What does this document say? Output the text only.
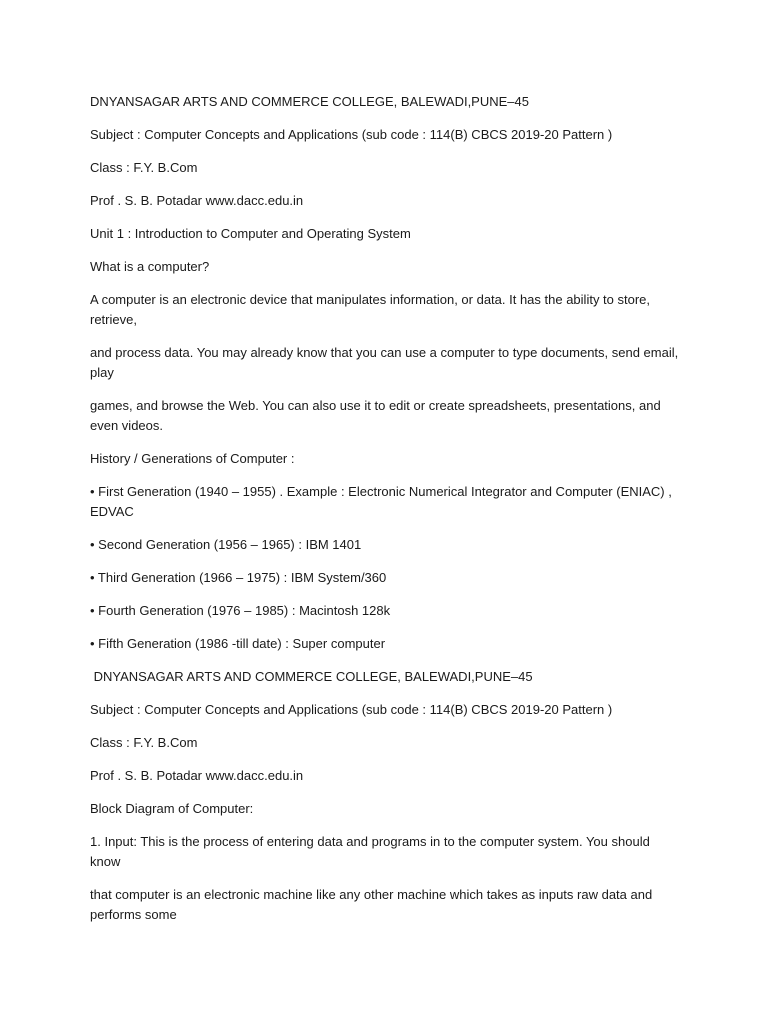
DNYANSAGAR ARTS AND COMMERCE COLLEGE, BALEWADI,PUNE–45

Subject : Computer Concepts and Applications (sub code : 114(B) CBCS 2019-20 Pattern )

Class : F.Y. B.Com

Prof . S. B. Potadar www.dacc.edu.in

Unit 1 : Introduction to Computer and Operating System

What is a computer?

A computer is an electronic device that manipulates information, or data. It has the ability to store, retrieve,

and process data. You may already know that you can use a computer to type documents, send email, play

games, and browse the Web. You can also use it to edit or create spreadsheets, presentations, and even videos.

History / Generations of Computer :

• First Generation (1940 – 1955) . Example : Electronic Numerical Integrator and Computer (ENIAC) , EDVAC

• Second Generation (1956 – 1965) : IBM 1401

• Third Generation (1966 – 1975) : IBM System/360

• Fourth Generation (1976 – 1985) : Macintosh 128k

• Fifth Generation (1986 -till date) : Super computer

DNYANSAGAR ARTS AND COMMERCE COLLEGE, BALEWADI,PUNE–45

Subject : Computer Concepts and Applications (sub code : 114(B) CBCS 2019-20 Pattern )

Class : F.Y. B.Com

Prof . S. B. Potadar www.dacc.edu.in

Block Diagram of Computer:

1. Input: This is the process of entering data and programs in to the computer system. You should know

that computer is an electronic machine like any other machine which takes as inputs raw data and performs some
